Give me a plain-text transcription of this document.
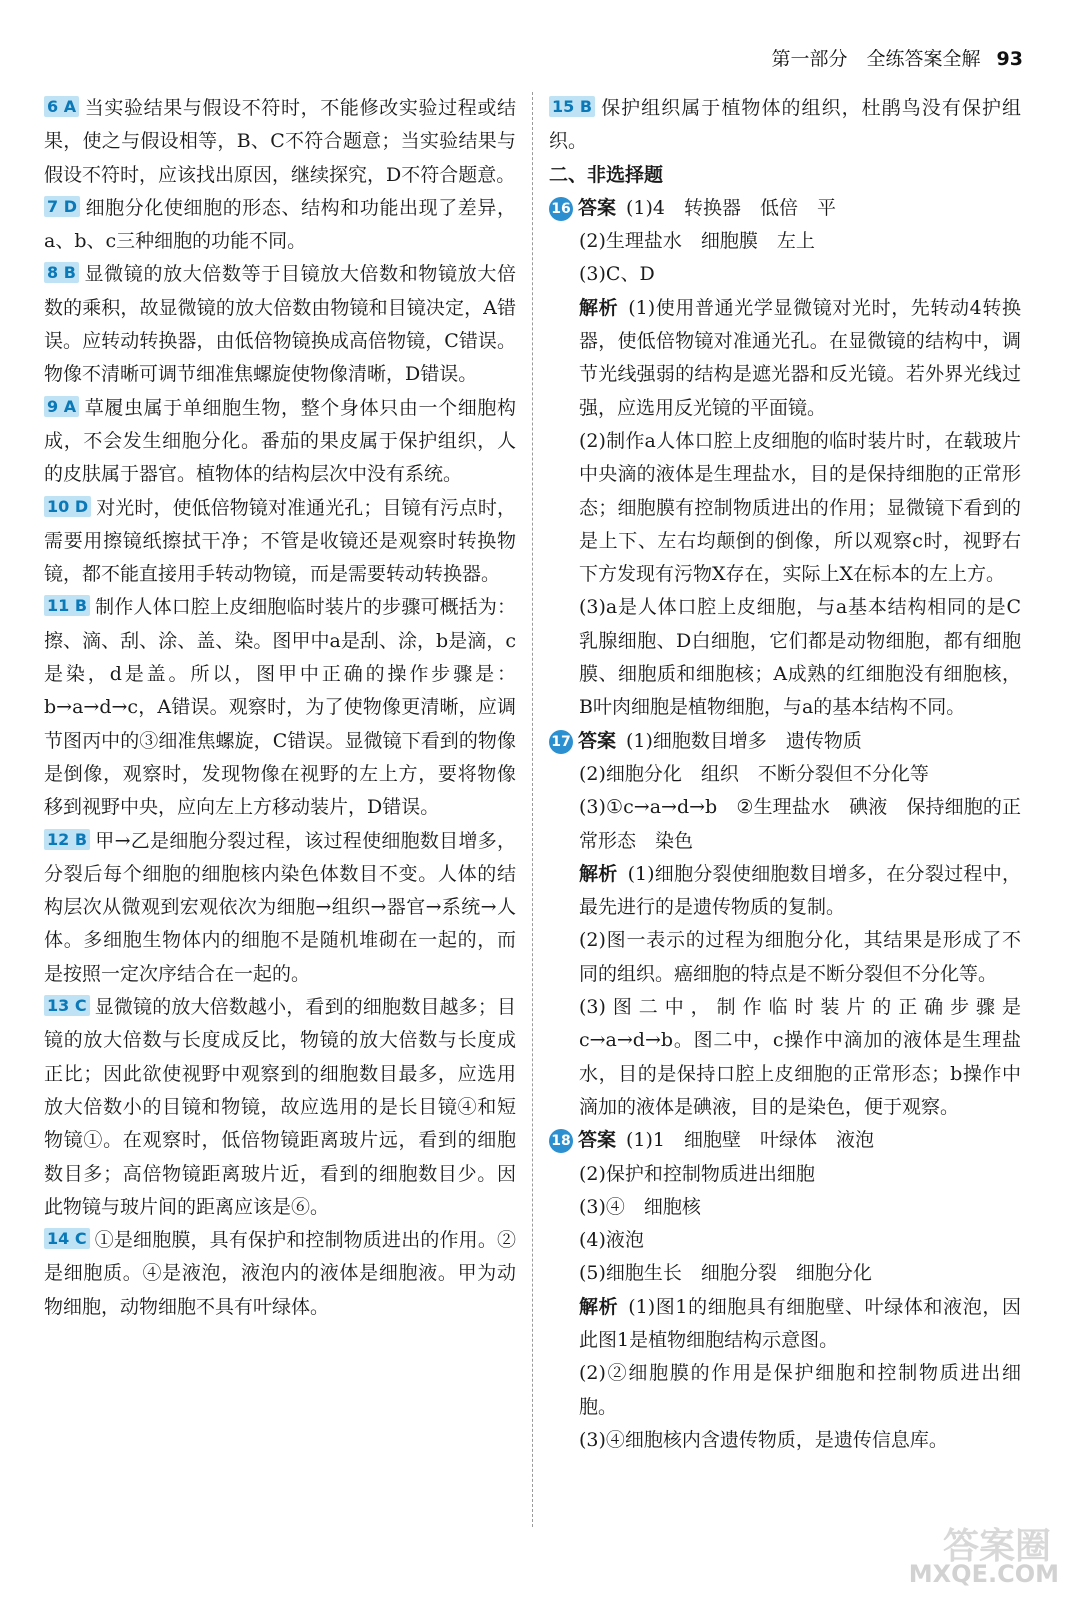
第一部分　全练答案全解 93

6 A 当实验结果与假设不符时，不能修改实验过程或结果，使之与假设相等，B、C不符合题意；当实验结果与假设不符时，应该找出原因，继续探究，D不符合题意。

7 D 细胞分化使细胞的形态、结构和功能出现了差异，a、b、c三种细胞的功能不同。

8 B 显微镜的放大倍数等于目镜放大倍数和物镜放大倍数的乘积，故显微镜的放大倍数由物镜和目镜决定，A错误。应转动转换器，由低倍物镜换成高倍物镜，C错误。物像不清晰可调节细准焦螺旋使物像清晰，D错误。

9 A 草履虫属于单细胞生物，整个身体只由一个细胞构成，不会发生细胞分化。番茄的果皮属于保护组织，人的皮肤属于器官。植物体的结构层次中没有系统。

10 D 对光时，使低倍物镜对准通光孔；目镜有污点时，需要用擦镜纸擦拭干净；不管是收镜还是观察时转换物镜，都不能直接用手转动物镜，而是需要转动转换器。

11 B 制作人体口腔上皮细胞临时装片的步骤可概括为：擦、滴、刮、涂、盖、染。图甲中a是刮、涂，b是滴，c是染，d是盖。所以，图甲中正确的操作步骤是：b→a→d→c，A错误。观察时，为了使物像更清晰，应调节图丙中的③细准焦螺旋，C错误。显微镜下看到的物像是倒像，观察时，发现物像在视野的左上方，要将物像移到视野中央，应向左上方移动装片，D错误。

12 B 甲→乙是细胞分裂过程，该过程使细胞数目增多，分裂后每个细胞的细胞核内染色体数目不变。人体的结构层次从微观到宏观依次为细胞→组织→器官→系统→人体。多细胞生物体内的细胞不是随机堆砌在一起的，而是按照一定次序结合在一起的。

13 C 显微镜的放大倍数越小，看到的细胞数目越多；目镜的放大倍数与长度成反比，物镜的放大倍数与长度成正比；因此欲使视野中观察到的细胞数目最多，应选用放大倍数小的目镜和物镜，故应选用的是长目镜④和短物镜①。在观察时，低倍物镜距离玻片远，看到的细胞数目多；高倍物镜距离玻片近，看到的细胞数目少。因此物镜与玻片间的距离应该是⑥。

14 C ①是细胞膜，具有保护和控制物质进出的作用。②是细胞质。④是液泡，液泡内的液体是细胞液。甲为动物细胞，动物细胞不具有叶绿体。

15 B 保护组织属于植物体的组织，杜鹃鸟没有保护组织。

二、非选择题

16 答案 (1)4　转换器　低倍　平

(2)生理盐水　细胞膜　左上

(3)C、D

解析 (1)使用普通光学显微镜对光时，先转动4转换器，使低倍物镜对准通光孔。在显微镜的结构中，调节光线强弱的结构是遮光器和反光镜。若外界光线过强，应选用反光镜的平面镜。

(2)制作a人体口腔上皮细胞的临时装片时，在载玻片中央滴的液体是生理盐水，目的是保持细胞的正常形态；细胞膜有控制物质进出的作用；显微镜下看到的是上下、左右均颠倒的倒像，所以观察c时，视野右下方发现有污物X存在，实际上X在标本的左上方。

(3)a是人体口腔上皮细胞，与a基本结构相同的是C乳腺细胞、D白细胞，它们都是动物细胞，都有细胞膜、细胞质和细胞核；A成熟的红细胞没有细胞核，B叶肉细胞是植物细胞，与a的基本结构不同。

17 答案 (1)细胞数目增多　遗传物质

(2)细胞分化　组织　不断分裂但不分化等

(3)①c→a→d→b　②生理盐水　碘液　保持细胞的正常形态　染色

解析 (1)细胞分裂使细胞数目增多，在分裂过程中，最先进行的是遗传物质的复制。

(2)图一表示的过程为细胞分化，其结果是形成了不同的组织。癌细胞的特点是不断分裂但不分化等。

(3)图二中，制作临时装片的正确步骤是c→a→d→b。图二中，c操作中滴加的液体是生理盐水，目的是保持口腔上皮细胞的正常形态；b操作中滴加的液体是碘液，目的是染色，便于观察。

18 答案 (1)1　细胞壁　叶绿体　液泡

(2)保护和控制物质进出细胞

(3)④　细胞核

(4)液泡

(5)细胞生长　细胞分裂　细胞分化

解析 (1)图1的细胞具有细胞壁、叶绿体和液泡，因此图1是植物细胞结构示意图。

(2)②细胞膜的作用是保护细胞和控制物质进出细胞。

(3)④细胞核内含遗传物质，是遗传信息库。

答案圈
MXQE.COM
